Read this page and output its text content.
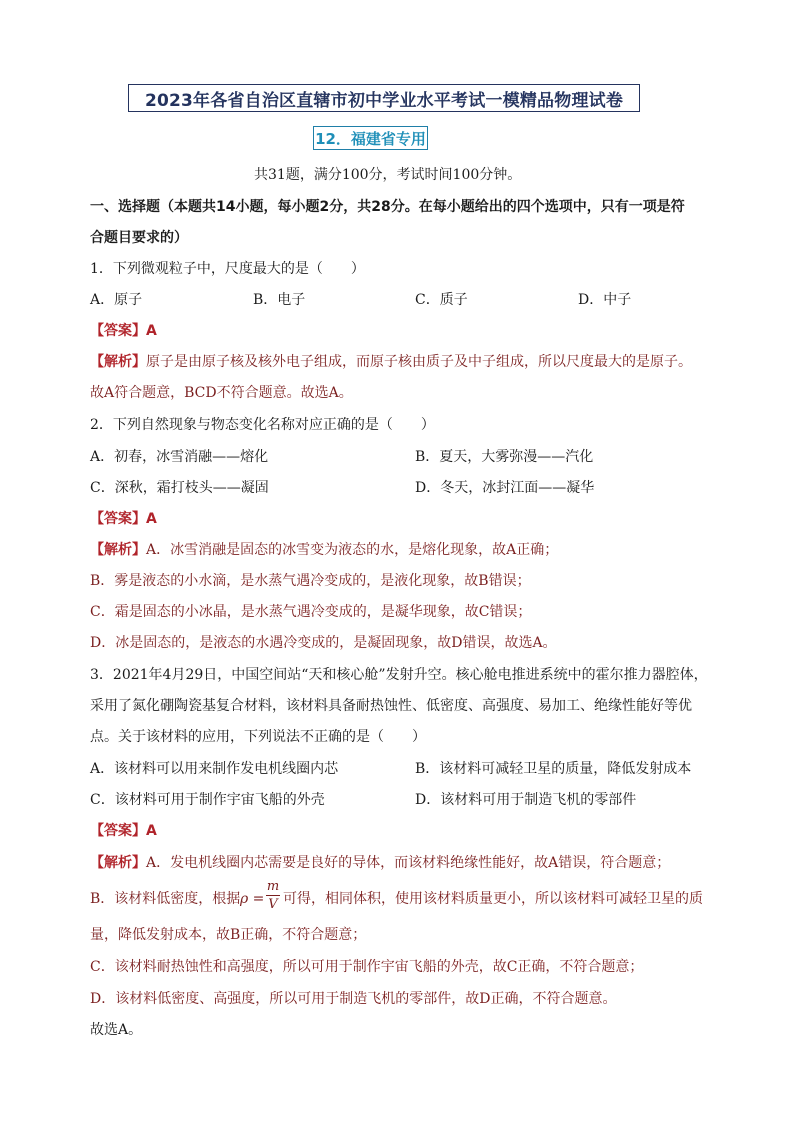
2023年各省自治区直辖市初中学业水平考试一模精品物理试卷
12．福建省专用
共31题，满分100分，考试时间100分钟。
一、选择题（本题共14小题，每小题2分，共28分。在每小题给出的四个选项中，只有一项是符
合题目要求的）
1．下列微观粒子中，尺度最大的是（　　）
A．原子	B．电子	C．质子	D．中子
【答案】A
【解析】原子是由原子核及核外电子组成，而原子核由质子及中子组成，所以尺度最大的是原子。
故A符合题意，BCD不符合题意。故选A。
2．下列自然现象与物态变化名称对应正确的是（　　）
A．初春，冰雪消融——熔化	B．夏天，大雾弥漫——汽化
C．深秋，霜打枝头——凝固	D．冬天，冰封江面——凝华
【答案】A
【解析】A．冰雪消融是固态的冰雪变为液态的水，是熔化现象，故A正确；
B．雾是液态的小水滴，是水蒸气遇冷变成的，是液化现象，故B错误；
C．霜是固态的小冰晶，是水蒸气遇冷变成的，是凝华现象，故C错误；
D．冰是固态的，是液态的水遇冷变成的，是凝固现象，故D错误，故选A。
3．2021年4月29日，中国空间站“天和核心舱”发射升空。核心舱电推进系统中的霍尔推力器腔体，
采用了氮化硼陶瓷基复合材料，该材料具备耐热蚀性、低密度、高强度、易加工、绝缘性能好等优
点。关于该材料的应用，下列说法不正确的是（　　）
A．该材料可以用来制作发电机线圈内芯	B．该材料可减轻卫星的质量，降低发射成本
C．该材料可用于制作宇宙飞船的外壳	D．该材料可用于制造飞机的零部件
【答案】A
【解析】A．发电机线圈内芯需要是良好的导体，而该材料绝缘性能好，故A错误，符合题意；
B．该材料低密度，根据 ρ =
m
V 可得，相同体积，使用该材料质量更小，所以该材料可减轻卫星的质
量，降低发射成本，故B正确，不符合题意；
C．该材料耐热蚀性和高强度，所以可用于制作宇宙飞船的外壳，故C正确，不符合题意；
D．该材料低密度、高强度，所以可用于制造飞机的零部件，故D正确，不符合题意。
故选A。
